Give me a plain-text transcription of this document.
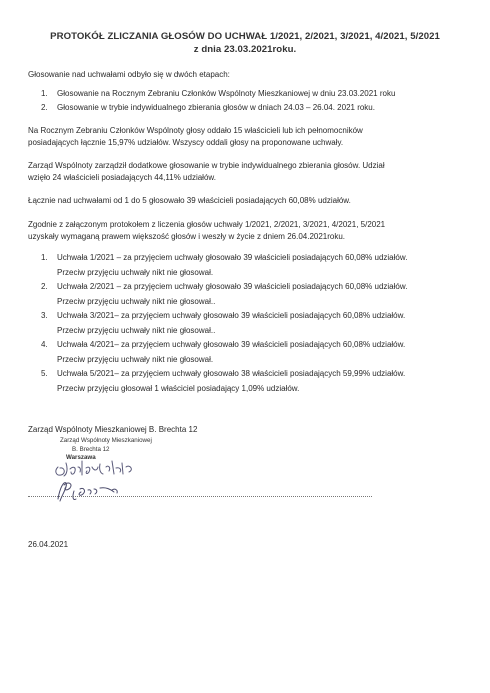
PROTOKÓŁ ZLICZANIA GŁOSÓW DO UCHWAŁ 1/2021, 2/2021, 3/2021, 4/2021, 5/2021
z dnia 23.03.2021roku.
Głosowanie nad uchwałami odbyło się w dwóch etapach:
1.	Głosowanie na Rocznym Zebraniu Członków Wspólnoty Mieszkaniowej w dniu 23.03.2021 roku
2.	Głosowanie w trybie indywidualnego zbierania głosów w dniach 24.03 – 26.04. 2021 roku.
Na Rocznym Zebraniu Członków Wspólnoty głosy oddało 15 właścicieli lub ich pełnomocników
posiadających łącznie 15,97% udziałów. Wszyscy oddali głosy na proponowane uchwały.
Zarząd Wspólnoty zarządził dodatkowe głosowanie w trybie indywidualnego zbierania głosów. Udział
wzięło 24 właścicieli posiadających 44,11% udziałów.
Łącznie nad uchwałami od 1 do 5 głosowało 39 właścicieli posiadających 60,08% udziałów.
Zgodnie z załączonym protokołem z liczenia głosów uchwały 1/2021, 2/2021, 3/2021, 4/2021, 5/2021
uzyskały wymaganą prawem większość głosów i weszły w życie z dniem 26.04.2021roku.
1.	Uchwała 1/2021 – za przyjęciem uchwały głosowało 39 właścicieli posiadających 60,08% udziałów.
Przeciw przyjęciu uchwały nikt nie głosował.
2.	Uchwała 2/2021 – za przyjęciem uchwały głosowało 39 właścicieli posiadających 60,08% udziałów.
Przeciw przyjęciu uchwały nikt nie głosował..
3.	Uchwała 3/2021– za przyjęciem uchwały głosowało 39 właścicieli posiadających 60,08% udziałów.
Przeciw przyjęciu uchwały nikt nie głosował..
4.	Uchwała 4/2021– za przyjęciem uchwały głosowało 39 właścicieli posiadających 60,08% udziałów.
Przeciw przyjęciu uchwały nikt nie głosował.
5.	Uchwała 5/2021– za przyjęciem uchwały głosowało 38 właścicieli posiadających 59,99% udziałów.
Przeciw przyjęciu głosował 1 właściciel posiadający 1,09% udziałów.
Zarząd Wspólnoty Mieszkaniowej B. Brechta 12
Zarząd Wspólnoty Mieszkaniowej
B. Brechta 12
Warszawa
26.04.2021
